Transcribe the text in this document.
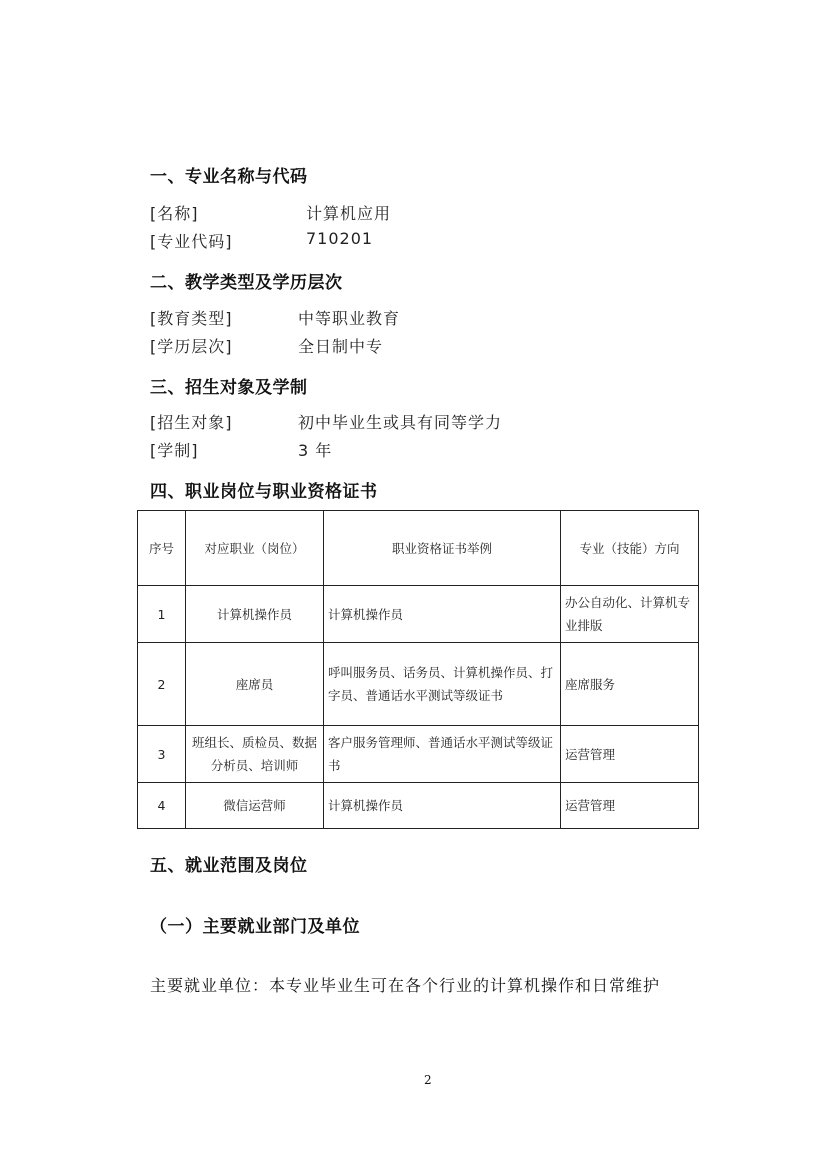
一、专业名称与代码
[名称]	计算机应用
[专业代码]	710201
二、教学类型及学历层次
[教育类型]	中等职业教育
[学历层次]	全日制中专
三、招生对象及学制
[招生对象]	初中毕业生或具有同等学力
[学制]	3 年
四、职业岗位与职业资格证书
序号	对应职业（岗位）	职业资格证书举例	专业（技能）方向
1	计算机操作员	计算机操作员	办公自动化、计算机专业排版
2	座席员	呼叫服务员、话务员、计算机操作员、打字员、普通话水平测试等级证书	座席服务
3	班组长、质检员、数据分析员、培训师	客户服务管理师、普通话水平测试等级证书	运营管理
4	微信运营师	计算机操作员	运营管理
五、就业范围及岗位
（一）主要就业部门及单位
主要就业单位：本专业毕业生可在各个行业的计算机操作和日常维护
2
